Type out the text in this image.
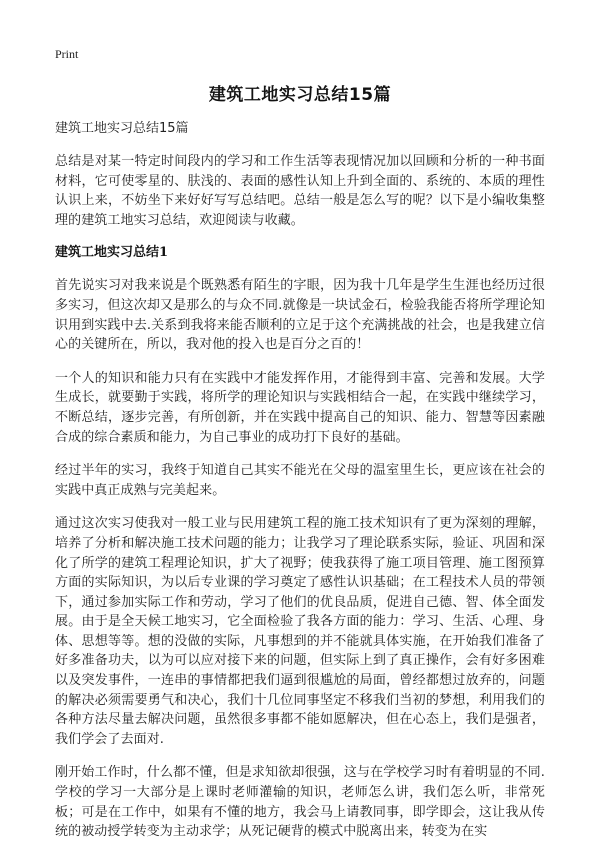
Print
建筑工地实习总结15篇

建筑工地实习总结15篇

总结是对某一特定时间段内的学习和工作生活等表现情况加以回顾和分析的一种书面材料，它可使零星的、肤浅的、表面的感性认知上升到全面的、系统的、本质的理性认识上来，不妨坐下来好好写写总结吧。总结一般是怎么写的呢？以下是小编收集整理的建筑工地实习总结，欢迎阅读与收藏。

建筑工地实习总结1

首先说实习对我来说是个既熟悉有陌生的字眼，因为我十几年是学生生涯也经历过很多实习，但这次却又是那么的与众不同.就像是一块试金石，检验我能否将所学理论知识用到实践中去.关系到我将来能否顺利的立足于这个充满挑战的社会，也是我建立信心的关键所在，所以，我对他的投入也是百分之百的！

一个人的知识和能力只有在实践中才能发挥作用，才能得到丰富、完善和发展。大学生成长，就要勤于实践，将所学的理论知识与实践相结合一起，在实践中继续学习，不断总结，逐步完善，有所创新，并在实践中提高自己的知识、能力、智慧等因素融合成的综合素质和能力，为自己事业的成功打下良好的基础。

经过半年的实习，我终于知道自己其实不能光在父母的温室里生长，更应该在社会的实践中真正成熟与完美起来。

通过这次实习使我对一般工业与民用建筑工程的施工技术知识有了更为深刻的理解，培养了分析和解决施工技术问题的能力；让我学习了理论联系实际，验证、巩固和深化了所学的建筑工程理论知识，扩大了视野；使我获得了施工项目管理、施工图预算方面的实际知识，为以后专业课的学习奠定了感性认识基础；在工程技术人员的带领下，通过参加实际工作和劳动，学习了他们的优良品质，促进自己德、智、体全面发展。由于是全天候工地实习，它全面检验了我各方面的能力：学习、生活、心理、身体、思想等等。想的没做的实际，凡事想到的并不能就具体实施，在开始我们准备了好多准备功夫，以为可以应对接下来的问题，但实际上到了真正操作，会有好多困难以及突发事件，一连串的事情都把我们逼到很尴尬的局面，曾经都想过放弃的，问题的解决必须需要勇气和决心，我们十几位同事坚定不移我们当初的梦想，利用我们的各种方法尽量去解决问题，虽然很多事都不能如愿解决，但在心态上，我们是强者，我们学会了去面对.

刚开始工作时，什么都不懂，但是求知欲却很强，这与在学校学习时有着明显的不同.学校的学习一大部分是上课时老师灌输的知识，老师怎么讲，我们怎么听，非常死板；可是在工作中，如果有不懂的地方，我会马上请教同事，即学即会，这让我从传统的被动授学转变为主动求学；从死记硬背的模式中脱离出来，转变为在实
